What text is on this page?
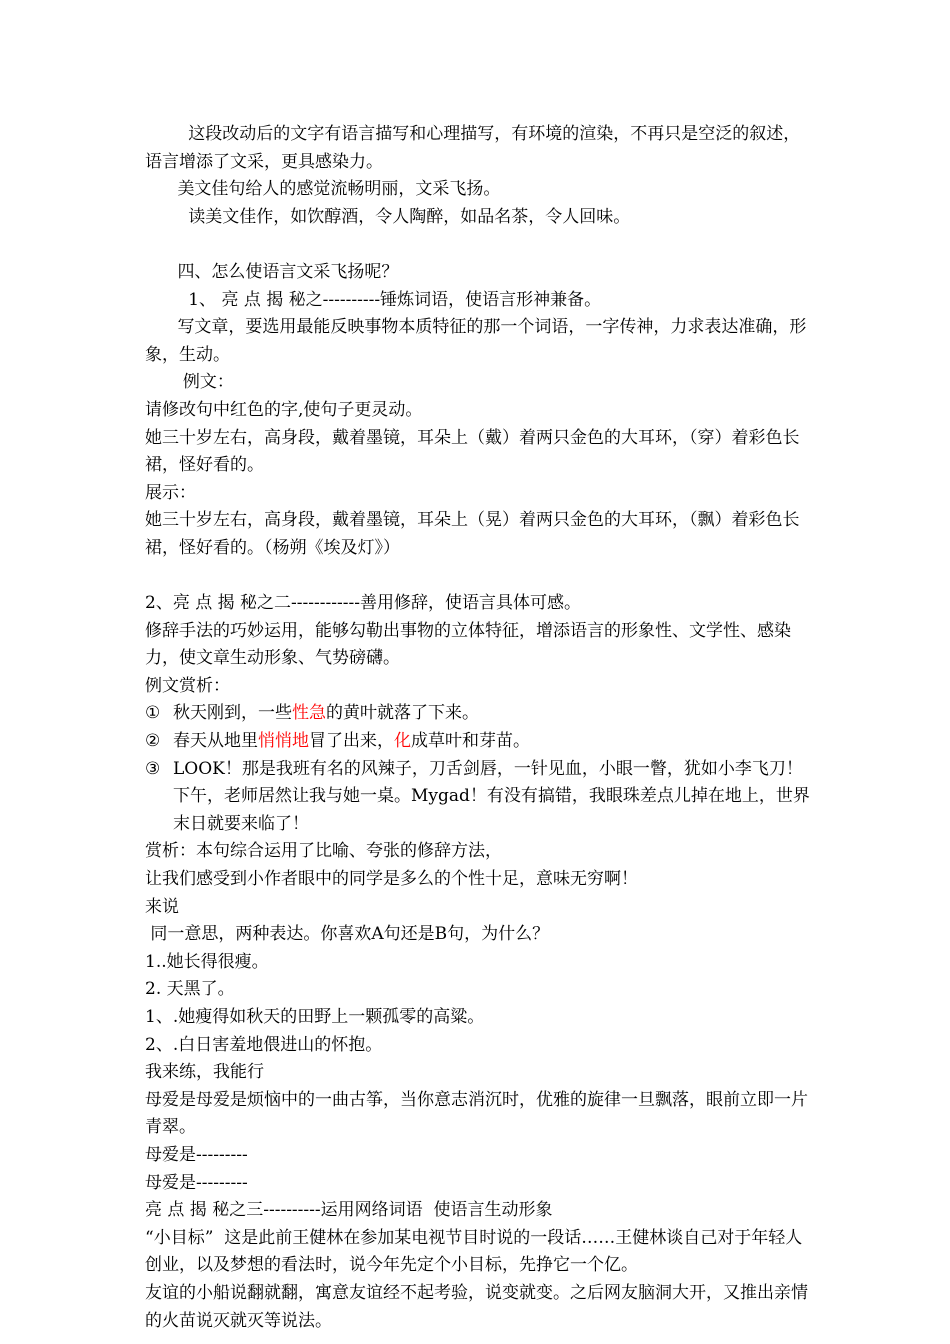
这段改动后的文字有语言描写和心理描写，有环境的渲染，不再只是空泛的叙述，语言增添了文采，更具感染力。

美文佳句给人的感觉流畅明丽，文采飞扬。

读美文佳作，如饮醇酒，令人陶醉，如品名茶，令人回味。

四、怎么使语言文采飞扬呢？

1、 亮 点 揭 秘之----------锤炼词语，使语言形神兼备。

写文章，要选用最能反映事物本质特征的那一个词语，一字传神，力求表达准确，形象，生动。

例文：

请修改句中红色的字,使句子更灵动。

她三十岁左右，高身段，戴着墨镜，耳朵上（戴）着两只金色的大耳环，（穿）着彩色长裙，怪好看的。

展示：

她三十岁左右，高身段，戴着墨镜，耳朵上（晃）着两只金色的大耳环，（飘）着彩色长裙，怪好看的。（杨朔《埃及灯》）

2、亮 点 揭 秘之二------------善用修辞，使语言具体可感。

修辞手法的巧妙运用，能够勾勒出事物的立体特征，增添语言的形象性、文学性、感染力，使文章生动形象、气势磅礴。

例文赏析：

① 秋天刚到，一些性急的黄叶就落了下来。
② 春天从地里悄悄地冒了出来，化成草叶和芽苗。
③ LOOK！那是我班有名的风辣子，刀舌剑唇，一针见血，小眼一瞥，犹如小李飞刀！下午，老师居然让我与她一桌。Mygad！有没有搞错，我眼珠差点儿掉在地上，世界末日就要来临了！

赏析：本句综合运用了比喻、夸张的修辞方法，

让我们感受到小作者眼中的同学是多么的个性十足，意味无穷啊！

来说

同一意思，两种表达。你喜欢A句还是B句，为什么？

1..她长得很瘦。

2. 天黑了。

1、.她瘦得如秋天的田野上一颗孤零的高粱。

2、.白日害羞地偎进山的怀抱。

我来练，我能行

母爱是母爱是烦恼中的一曲古筝，当你意志消沉时，优雅的旋律一旦飘落，眼前立即一片青翠。

母爱是---------

母爱是---------

亮 点 揭 秘之三----------运用网络词语  使语言生动形象

“小目标”  这是此前王健林在参加某电视节目时说的一段话……王健林谈自己对于年轻人创业，以及梦想的看法时，说今年先定个小目标，先挣它一个亿。

友谊的小船说翻就翻，寓意友谊经不起考验，说变就变。之后网友脑洞大开，又推出亲情的火苗说灭就灭等说法。
